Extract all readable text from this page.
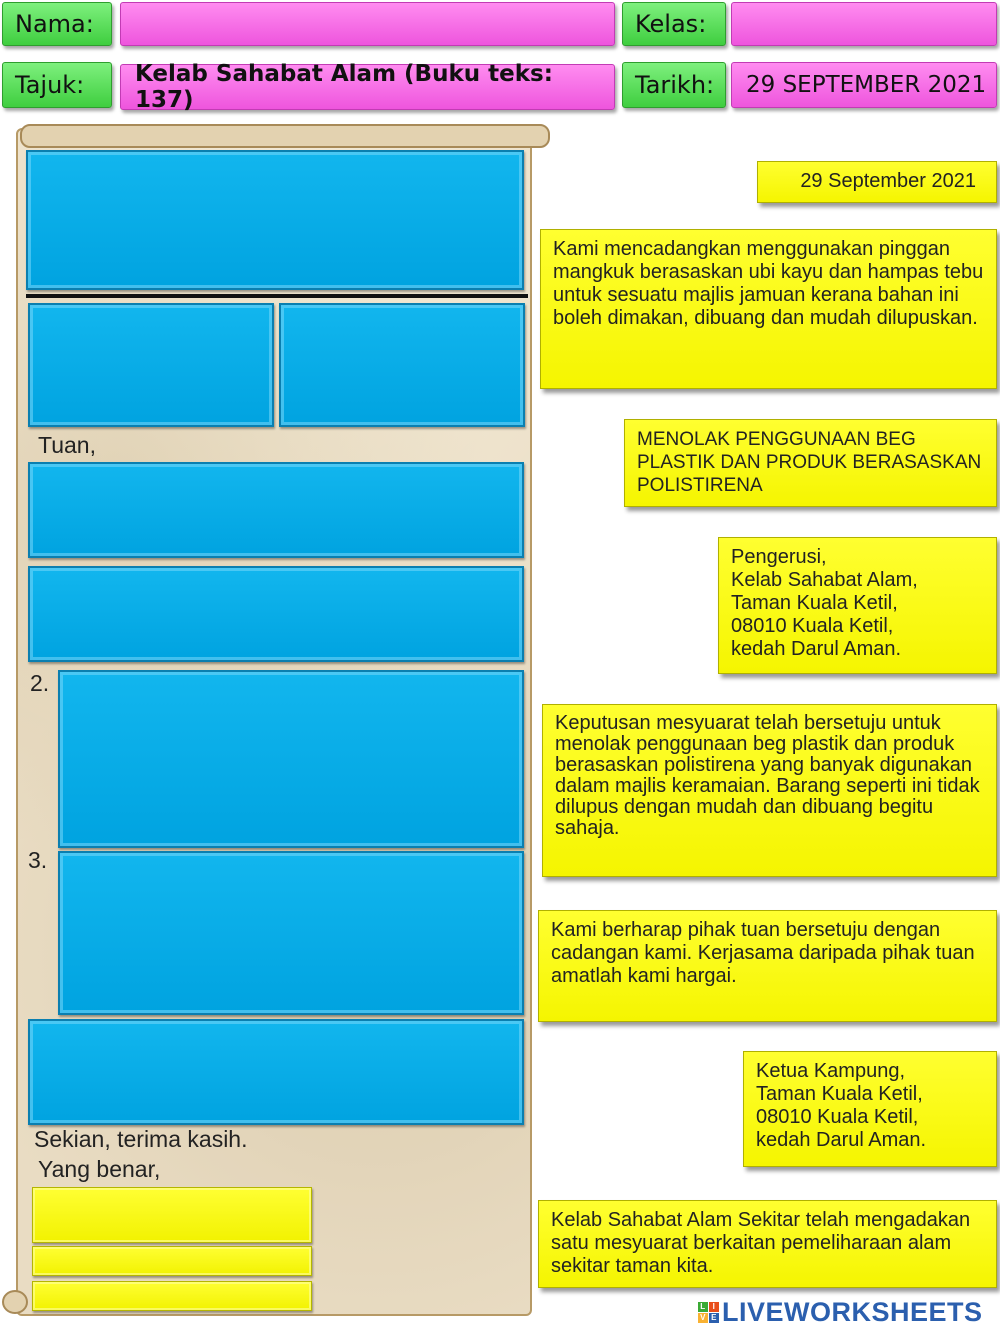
Nama:	Kelas:
Tajuk:	Kelab Sahabat Alam (Buku teks: 137)
Tarikh:	29 SEPTEMBER 2021
Tuan,
2.
3.
Sekian, terima kasih.
Yang benar,
29 September 2021
Kami mencadangkan menggunakan pinggan mangkuk berasaskan ubi kayu dan hampas tebu untuk sesuatu majlis jamuan kerana bahan ini boleh dimakan, dibuang dan mudah dilupuskan.
MENOLAK PENGGUNAAN BEG PLASTIK DAN PRODUK BERASASKAN POLISTIRENA
Pengerusi,
Kelab Sahabat Alam,
Taman Kuala Ketil,
08010 Kuala Ketil,
kedah Darul Aman.
Keputusan mesyuarat telah bersetuju untuk menolak penggunaan beg plastik dan produk berasaskan polistirena yang banyak digunakan dalam majlis keramaian. Barang seperti ini tidak dilupus dengan mudah dan dibuang begitu sahaja.
Kami berharap pihak tuan bersetuju dengan cadangan kami. Kerjasama daripada pihak tuan amatlah kami hargai.
Ketua Kampung,
Taman Kuala Ketil,
08010 Kuala Ketil,
kedah Darul Aman.
Kelab Sahabat Alam Sekitar telah mengadakan satu mesyuarat berkaitan pemeliharaan alam sekitar taman kita.
L I
V E LIVEWORKSHEETS
